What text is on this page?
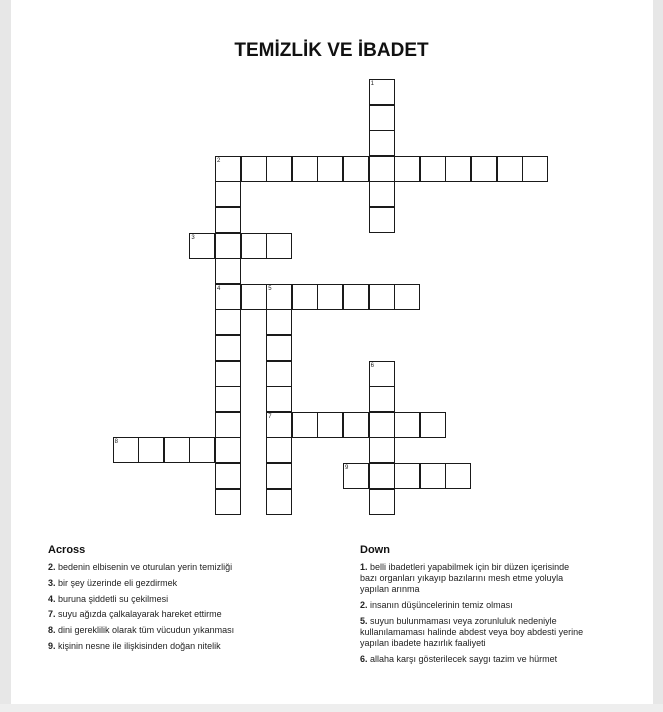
TEMİZLİK VE İBADET
1
2
3
4	5
6
7
8
9
Across
2. bedenin elbisenin ve oturulan yerin temizliği
3. bir şey üzerinde eli gezdirmek
4. buruna şiddetli su çekilmesi
7. suyu ağızda çalkalayarak hareket ettirme
8. dini gereklilik olarak tüm vücudun yıkanması
9. kişinin nesne ile ilişkisinden doğan nitelik
Down
1. belli ibadetleri yapabilmek için bir düzen içerisinde
bazı organları yıkayıp bazılarını mesh etme yoluyla
yapılan arınma
2. insanın düşüncelerinin temiz olması
5. suyun bulunmaması veya zorunluluk nedeniyle
kullanılamaması halinde abdest veya boy abdesti yerine
yapılan ibadete hazırlık faaliyeti
6. allaha karşı gösterilecek saygı tazim ve hürmet
